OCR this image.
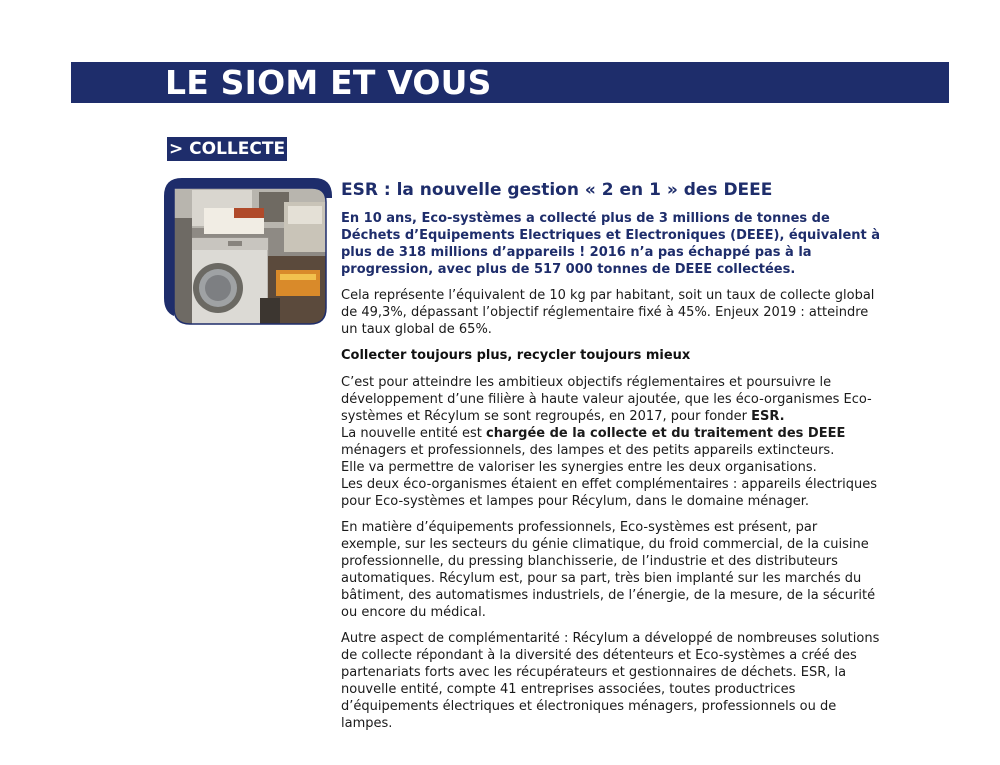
LE SIOM ET VOUS
> COLLECTE
ESR : la nouvelle gestion « 2 en 1 » des DEEE

En 10 ans, Eco-systèmes a collecté plus de 3 millions de tonnes de Déchets d’Equipements Electriques et Electroniques (DEEE), équivalent à plus de 318 millions d’appareils ! 2016 n’a pas échappé pas à la progression, avec plus de 517 000 tonnes de DEEE collectées.

Cela représente l’équivalent de 10 kg par habitant, soit un taux de collecte global de 49,3%, dépassant l’objectif réglementaire fixé à 45%. Enjeux 2019 : atteindre un taux global de 65%.

Collecter toujours plus, recycler toujours mieux

C’est pour atteindre les ambitieux objectifs réglementaires et poursuivre le développement d’une filière à haute valeur ajoutée, que les éco-organismes Eco-systèmes et Récylum se sont regroupés, en 2017, pour fonder ESR.
La nouvelle entité est chargée de la collecte et du traitement des DEEE ménagers et professionnels, des lampes et des petits appareils extincteurs.
Elle va permettre de valoriser les synergies entre les deux organisations.
Les deux éco-organismes étaient en effet complémentaires : appareils électriques pour Eco-systèmes et lampes pour Récylum, dans le domaine ménager.

En matière d’équipements professionnels, Eco-systèmes est présent, par exemple, sur les secteurs du génie climatique, du froid commercial, de la cuisine professionnelle, du pressing blanchisserie, de l’industrie et des distributeurs automatiques. Récylum est, pour sa part, très bien implanté sur les marchés du bâtiment, des automatismes industriels, de l’énergie, de la mesure, de la sécurité ou encore du médical.

Autre aspect de complémentarité : Récylum a développé de nombreuses solutions de collecte répondant à la diversité des détenteurs et Eco-systèmes a créé des partenariats forts avec les récupérateurs et gestionnaires de déchets. ESR, la nouvelle entité, compte 41 entreprises associées, toutes productrices d’équipements électriques et électroniques ménagers, professionnels ou de lampes.
